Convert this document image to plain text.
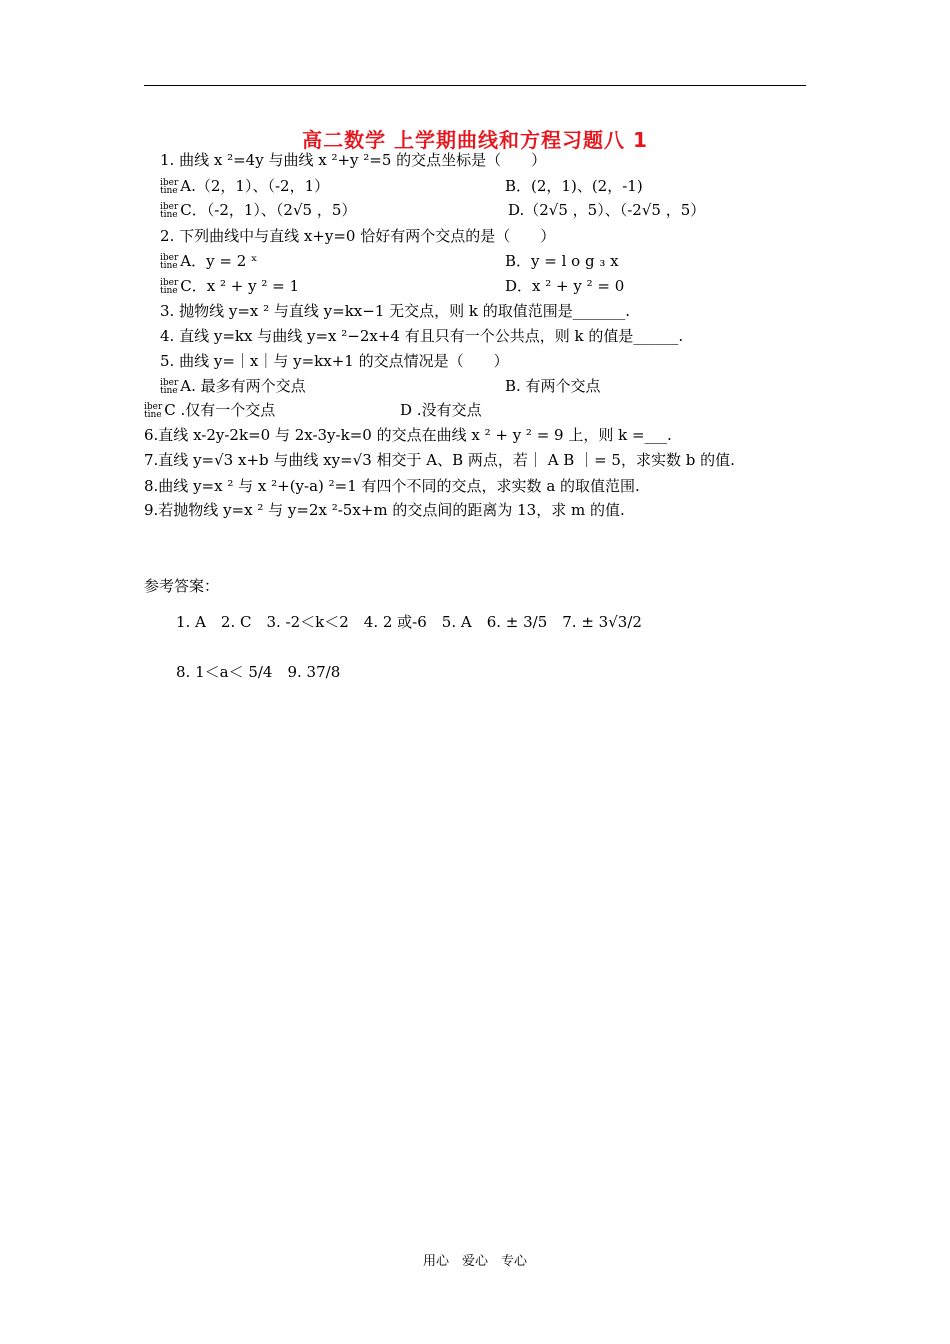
高二数学 上学期曲线和方程习题八 1
1. 曲线 x ²=4y 与曲线 x ²+y ²=5 的交点坐标是（　　）
iber
tine A.（2，1）、（-2，1）	B．(2，1)、(2，-1)
iber
tine C．（-2，1）、（2√5 ，5）	D.（2√5 ，5）、（-2√5 ，5）
2. 下列曲线中与直线 x+y=0 恰好有两个交点的是（　　）
iber
tine A．y = 2 ˣ	B．y = l o g ₃ x
iber
tine C．x ² + y ² = 1	D．x ² + y ² = 0
3. 抛物线 y=x ² 与直线 y=kx−1 无交点，则 k 的取值范围是_______.
4. 直线 y=kx 与曲线 y=x ²−2x+4 有且只有一个公共点，则 k 的值是______.
5. 曲线 y=｜x｜与 y=kx+1 的交点情况是（　　）
iber
tine A. 最多有两个交点	B. 有两个交点
iber
tine C .仅有一个交点	D .没有交点
6.直线 x-2y-2k=0 与 2x-3y-k=0 的交点在曲线 x ² + y ² = 9 上，则 k =___.
7.直线 y=√3 x+b 与曲线 xy=√3 相交于 A、B 两点，若｜ A B ｜= 5，求实数 b 的值.
8.曲线 y=x ² 与 x ²+(y-a) ²=1 有四个不同的交点，求实数 a 的取值范围.
9.若抛物线 y=x ² 与 y=2x ²-5x+m 的交点间的距离为 13，求 m 的值.
参考答案：
1. A　2. C　3. -2＜k＜2　4. 2 或-6　5. A　6. ± 3/5　7. ± 3√3/2
8. 1＜a＜ 5/4　9. 37/8
用心　爱心　专心
